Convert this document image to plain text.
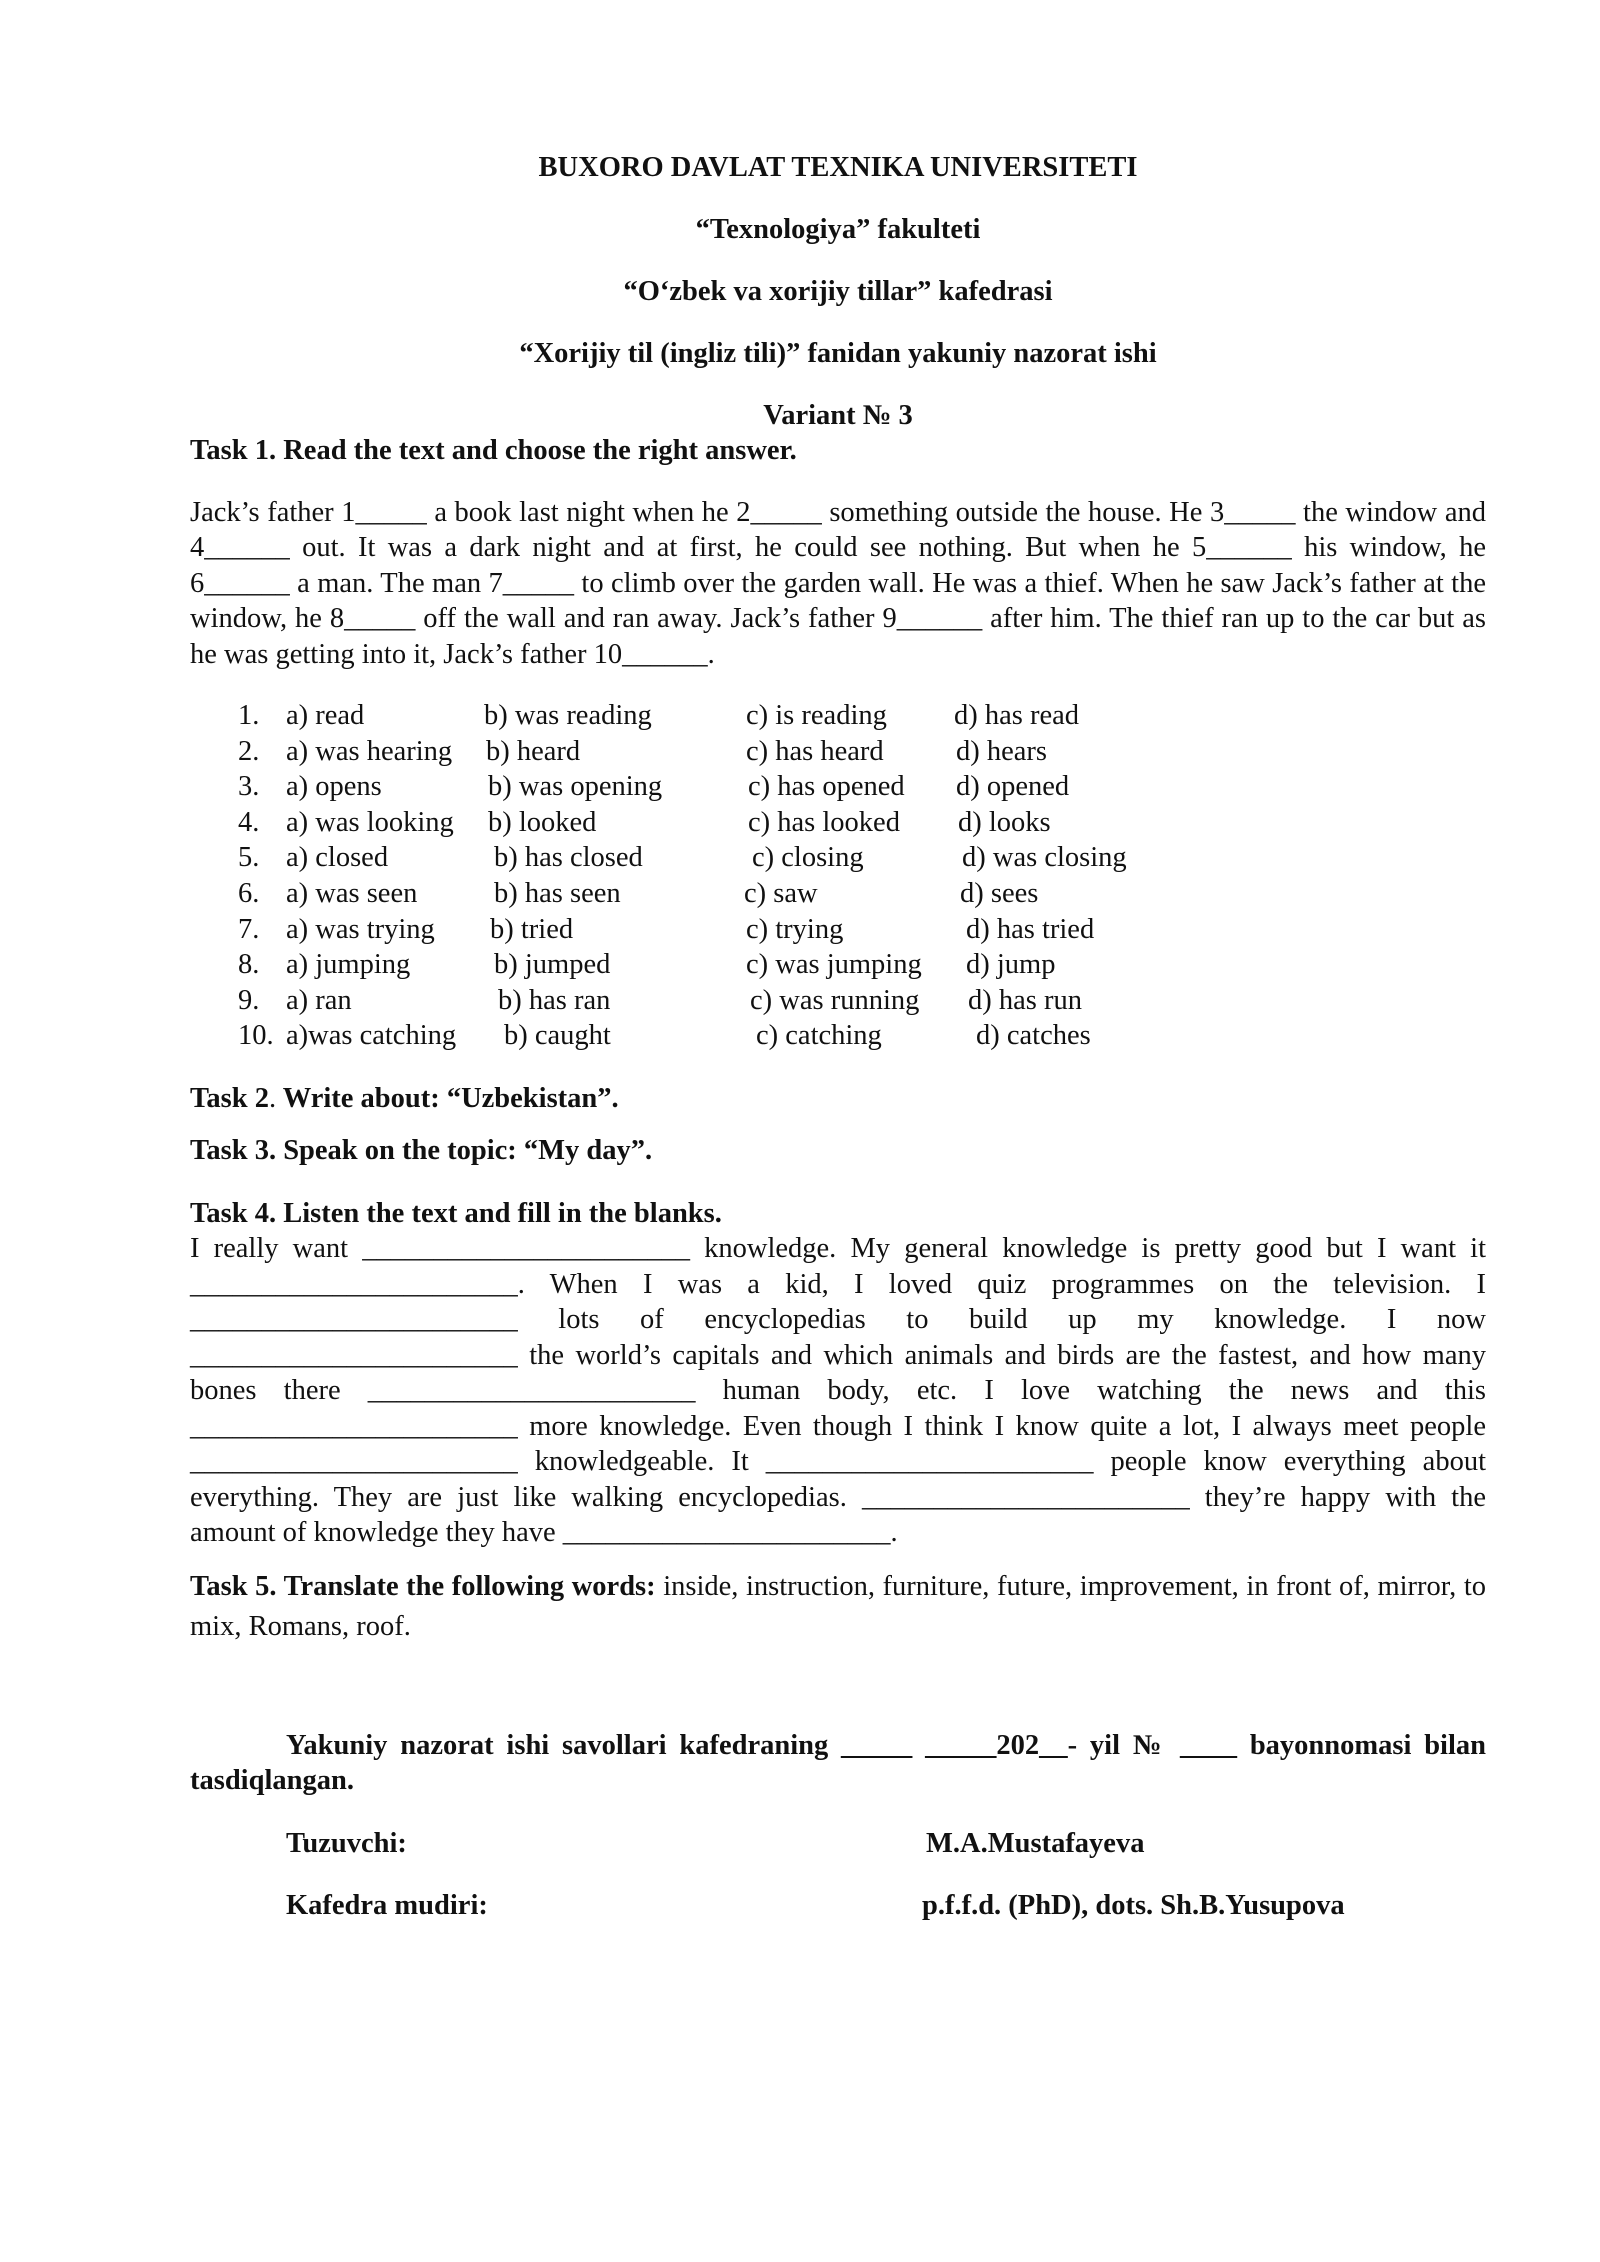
BUXORO DAVLAT TEXNIKA UNIVERSITETI
“Texnologiya” fakulteti
“O‘zbek va xorijiy tillar” kafedrasi
“Xorijiy til (ingliz tili)” fanidan yakuniy nazorat ishi
Variant № 3
Task 1. Read the text and choose the right answer.
Jack’s father 1_____ a book last night when he 2_____ something outside the house. He 3_____ the window and 4______ out. It was a dark night and at first, he could see nothing. But when he 5______ his window, he 6______ a man. The man 7_____ to climb over the garden wall. He was a thief. When he saw Jack’s father at the window, he 8_____ off the wall and ran away. Jack’s father 9______ after him. The thief ran up to the car but as he was getting into it, Jack’s father 10______.
1. a) read	b) was reading	c) is reading d) has read
2. a) was hearing b) heard	c) has heard	d) hears
3. a) opens	b) was opening	c) has opened d) opened
4. a) was looking b) looked	c) has looked d) looks
5. a) closed	b) has closed	c) closing	d) was closing
6. a) was seen	b) has seen	c) saw	d) sees
7. a) was trying b) tried	c) trying	d) has tried
8. a) jumping	b) jumped	c) was jumping d) jump
9. a) ran	b) has ran	c) was running d) has run
10. a)was catching b) caught	c) catching	d) catches
Task 2. Write about: “Uzbekistan”.
Task 3. Speak on the topic: “My day”.
Task 4. Listen the text and fill in the blanks.
I really want _______________________ knowledge. My general knowledge is pretty good but I want it _______________________. When I was a kid, I loved quiz programmes on the television. I _______________________ lots of encyclopedias to build up my knowledge. I now _______________________ the world’s capitals and which animals and birds are the fastest, and how many bones there _______________________ human body, etc. I love watching the news and this _______________________ more knowledge. Even though I think I know quite a lot, I always meet people _______________________ knowledgeable. It _______________________ people know everything about everything. They are just like walking encyclopedias. _______________________ they’re happy with the amount of knowledge they have _______________________.
Task 5. Translate the following words: inside, instruction, furniture, future, improvement, in front of, mirror, to mix, Romans, roof.
Yakuniy nazorat ishi savollari kafedraning _____ _____202__- yil № ____ bayonnomasi bilan tasdiqlangan.
Tuzuvchi:	M.A.Mustafayeva
Kafedra mudiri:	p.f.f.d. (PhD), dots. Sh.B.Yusupova
